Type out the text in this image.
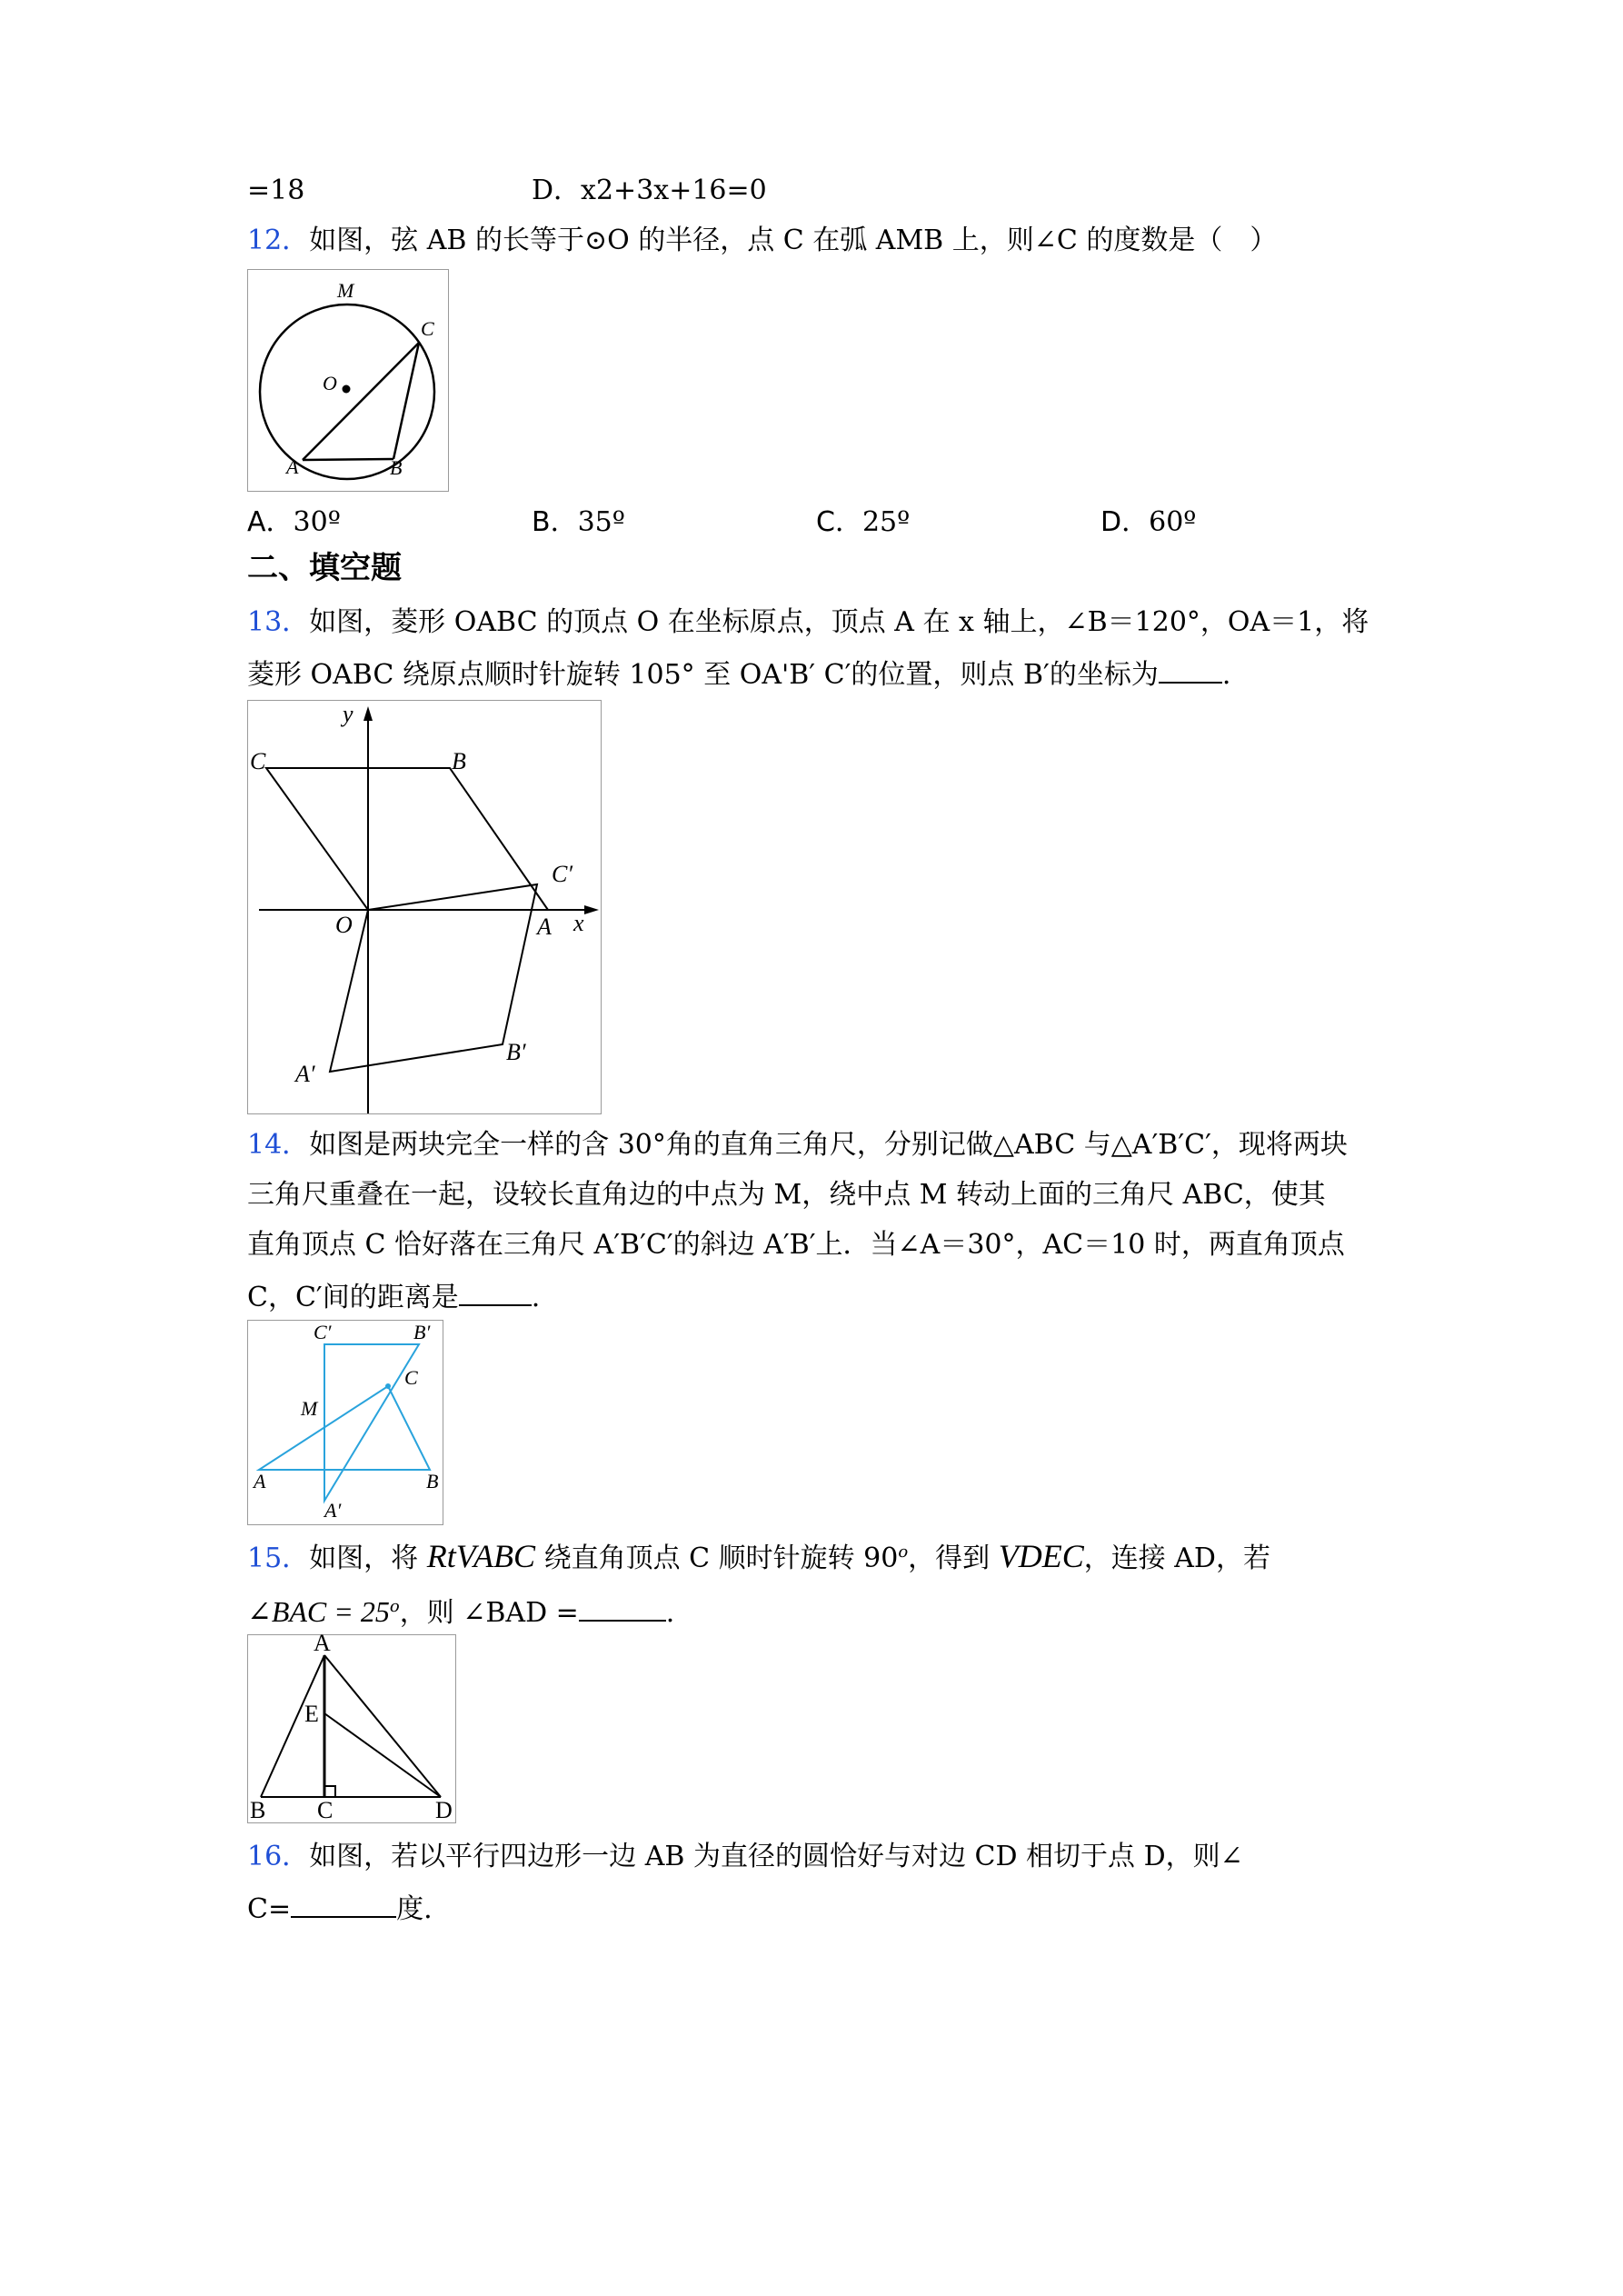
=18	D．x2+3x+16=0
12．如图，弦 AB 的长等于⊙O 的半径，点 C 在弧 AMB 上，则∠C 的度数是（　）
M
O
C
A	B
A．30º	B．35º	C．25º	D．60º
二、填空题
13．如图，菱形 OABC 的顶点 O 在坐标原点，顶点 A 在 x 轴上，∠B＝120°，OA＝1，将
菱形 OABC 绕原点顺时针旋转 105° 至 OA'B′ C′的位置，则点 B′的坐标为 .
y
x
C	B
C′
O	A
B′
A′
14．如图是两块完全一样的含 30°角的直角三角尺，分别记做△ABC 与△A′B′C′，现将两块
三角尺重叠在一起，设较长直角边的中点为 M，绕中点 M 转动上面的三角尺 ABC，使其
直角顶点 C 恰好落在三角尺 A′B′C′的斜边 A′B′上．当∠A＝30°，AC＝10 时，两直角顶点
C，C′间的距离是	.
C′	B′
C
M
A	B
A′
15．如图，将 RtVABC 绕直角顶点 C 顺时针旋转 90$^o$，得到 VDEC，连接 AD，若
∠BAC = $25^o$，则 ∠BAD =	.
A
E
B C	D
16．如图，若以平行四边形一边 AB 为直径的圆恰好与对边 CD 相切于点 D，则∠
C=	度.
